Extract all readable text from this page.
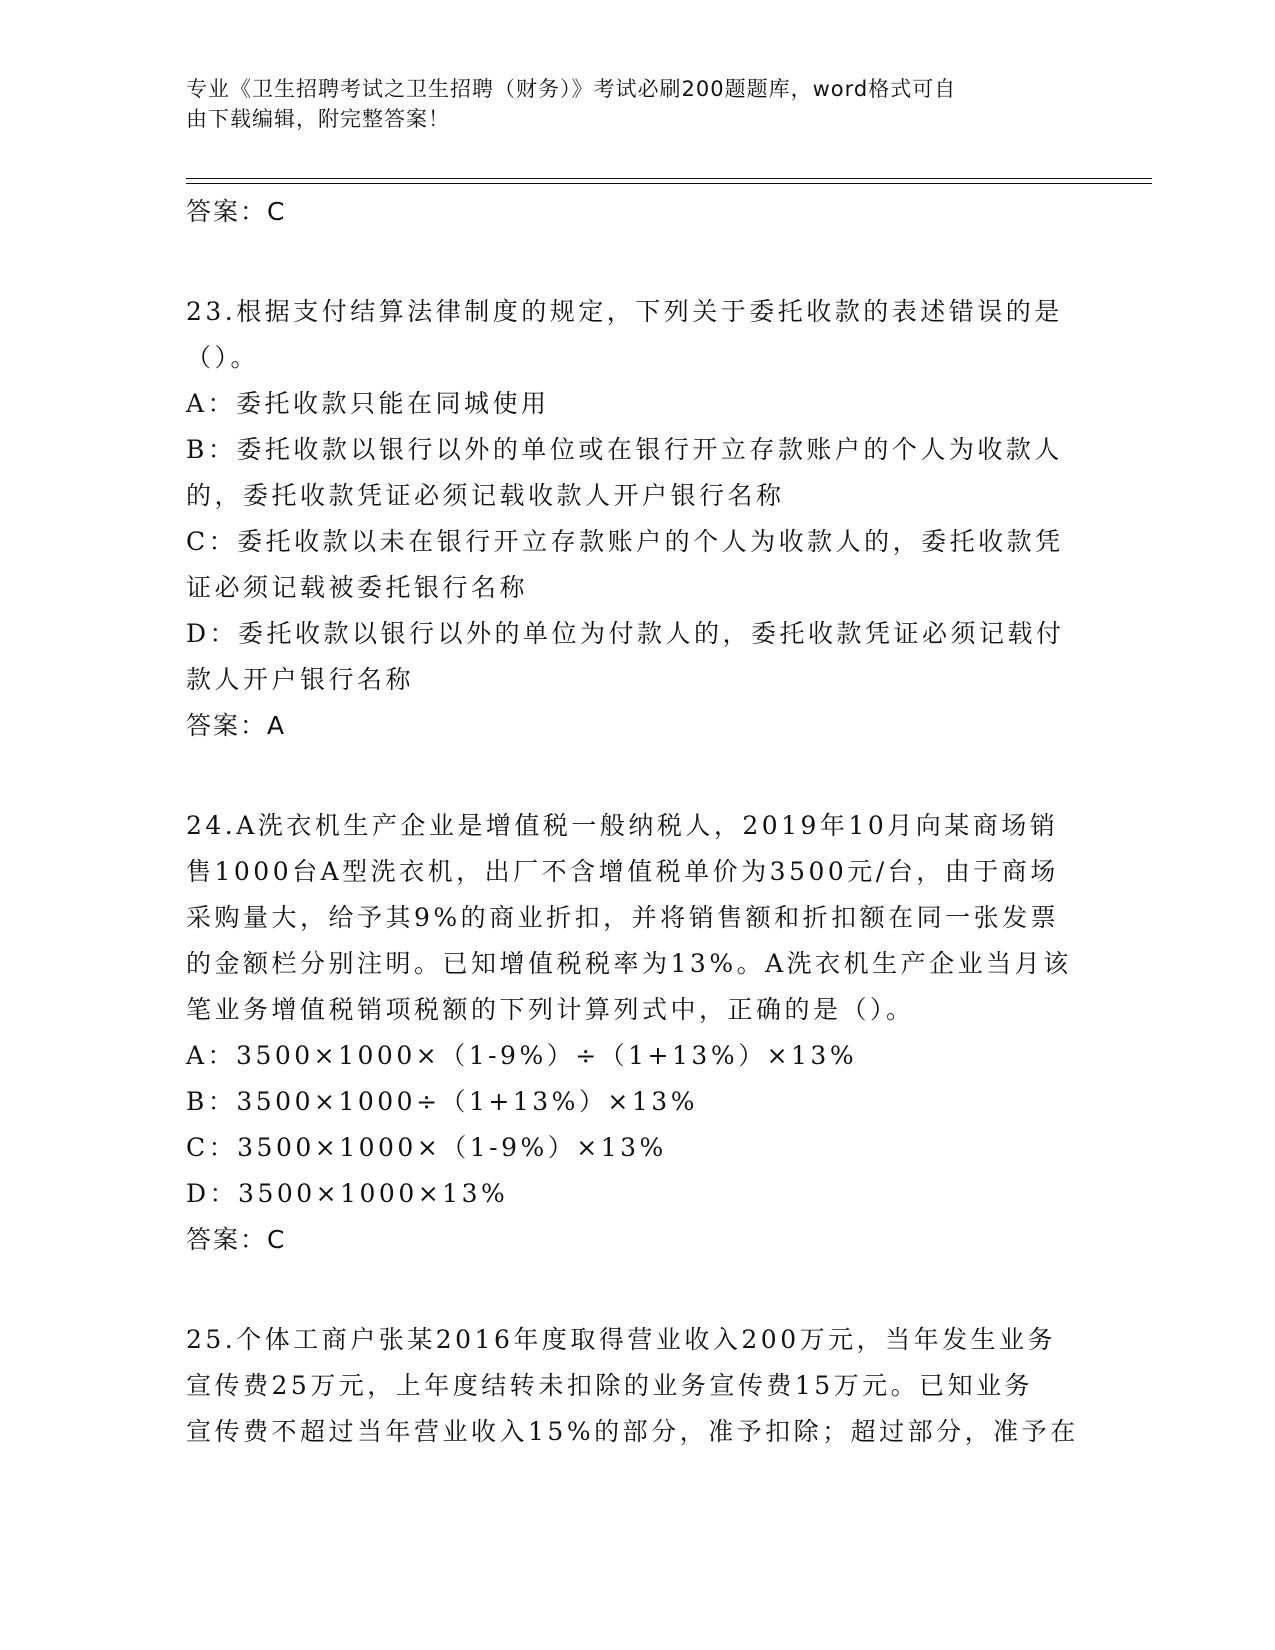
专业《卫生招聘考试之卫生招聘（财务）》考试必刷200题题库，word格式可自
由下载编辑，附完整答案！
答案：C
23.根据支付结算法律制度的规定，下列关于委托收款的表述错误的是
（）。
A：委托收款只能在同城使用
B：委托收款以银行以外的单位或在银行开立存款账户的个人为收款人
的，委托收款凭证必须记载收款人开户银行名称
C：委托收款以未在银行开立存款账户的个人为收款人的，委托收款凭
证必须记载被委托银行名称
D：委托收款以银行以外的单位为付款人的，委托收款凭证必须记载付
款人开户银行名称
答案：A
24.A洗衣机生产企业是增值税一般纳税人，2019年10月向某商场销
售1000台A型洗衣机，出厂不含增值税单价为3500元/台，由于商场
采购量大，给予其9%的商业折扣，并将销售额和折扣额在同一张发票
的金额栏分别注明。已知增值税税率为13%。A洗衣机生产企业当月该
笔业务增值税销项税额的下列计算列式中，正确的是（）。
A：3500×1000×（1-9%）÷（1+13%）×13%
B：3500×1000÷（1+13%）×13%
C：3500×1000×（1-9%）×13%
D：3500×1000×13%
答案：C
25.个体工商户张某2016年度取得营业收入200万元，当年发生业务
宣传费25万元，上年度结转未扣除的业务宣传费15万元。已知业务
宣传费不超过当年营业收入15%的部分，准予扣除；超过部分，准予在
